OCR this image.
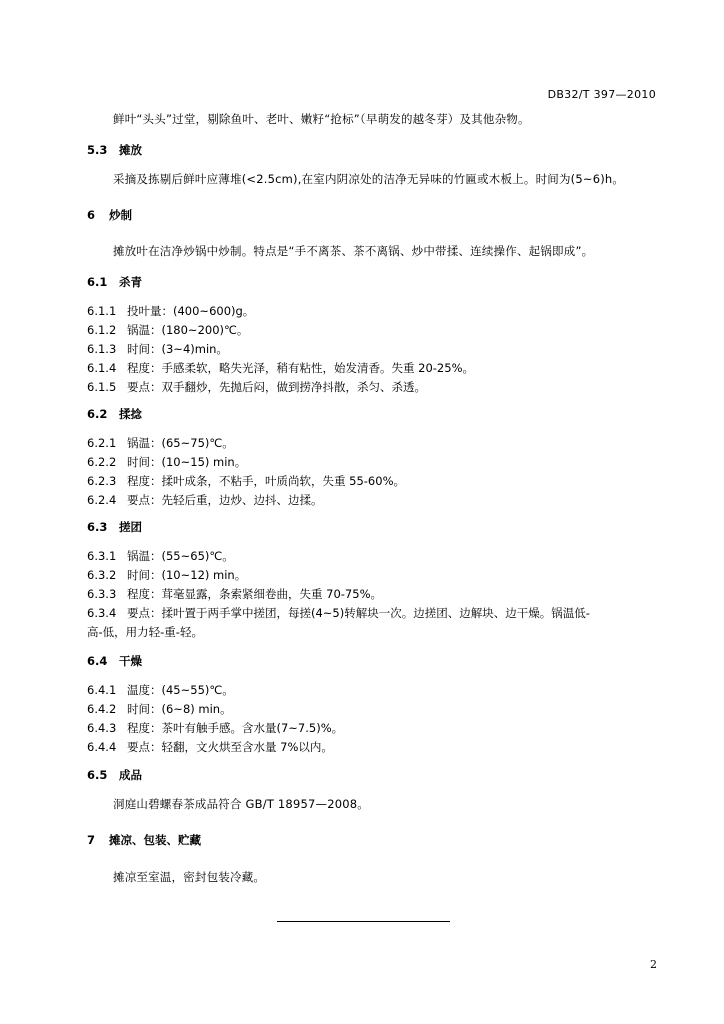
DB32/T 397—2010
鲜叶“头头”过堂，剔除鱼叶、老叶、嫩籽“抢标”（早萌发的越冬芽）及其他杂物。
5.3 摊放
采摘及拣剔后鲜叶应薄堆(<2.5cm),在室内阴凉处的洁净无异味的竹匾或木板上。时间为(5~6)h。
6 炒制
摊放叶在洁净炒锅中炒制。特点是“手不离茶、茶不离锅、炒中带揉、连续操作、起锅即成”。
6.1 杀青
6.1.1 投叶量：(400~600)g。
6.1.2 锅温：(180~200)℃。
6.1.3 时间：(3~4)min。
6.1.4 程度：手感柔软，略失光泽，稍有粘性，始发清香。失重 20-25%。
6.1.5 要点：双手翻炒，先抛后闷，做到捞净抖散，杀匀、杀透。
6.2 揉捻
6.2.1 锅温：(65~75)℃。
6.2.2 时间：(10~15) min。
6.2.3 程度：揉叶成条，不粘手，叶质尚软，失重 55-60%。
6.2.4 要点：先轻后重，边炒、边抖、边揉。
6.3 搓团
6.3.1 锅温：(55~65)℃。
6.3.2 时间：(10~12) min。
6.3.3 程度：茸毫显露，条索紧细卷曲，失重 70-75%。
6.3.4 要点：揉叶置于两手掌中搓团，每搓(4~5)转解块一次。边搓团、边解块、边干燥。锅温低-
高-低，用力轻-重-轻。
6.4 干燥
6.4.1 温度：(45~55)℃。
6.4.2 时间：(6~8) min。
6.4.3 程度：茶叶有触手感。含水量(7~7.5)%。
6.4.4 要点：轻翻，文火烘至含水量 7%以内。
6.5 成品
洞庭山碧螺春茶成品符合 GB/T 18957—2008。
7 摊凉、包装、贮藏
摊凉至室温，密封包装冷藏。
2
